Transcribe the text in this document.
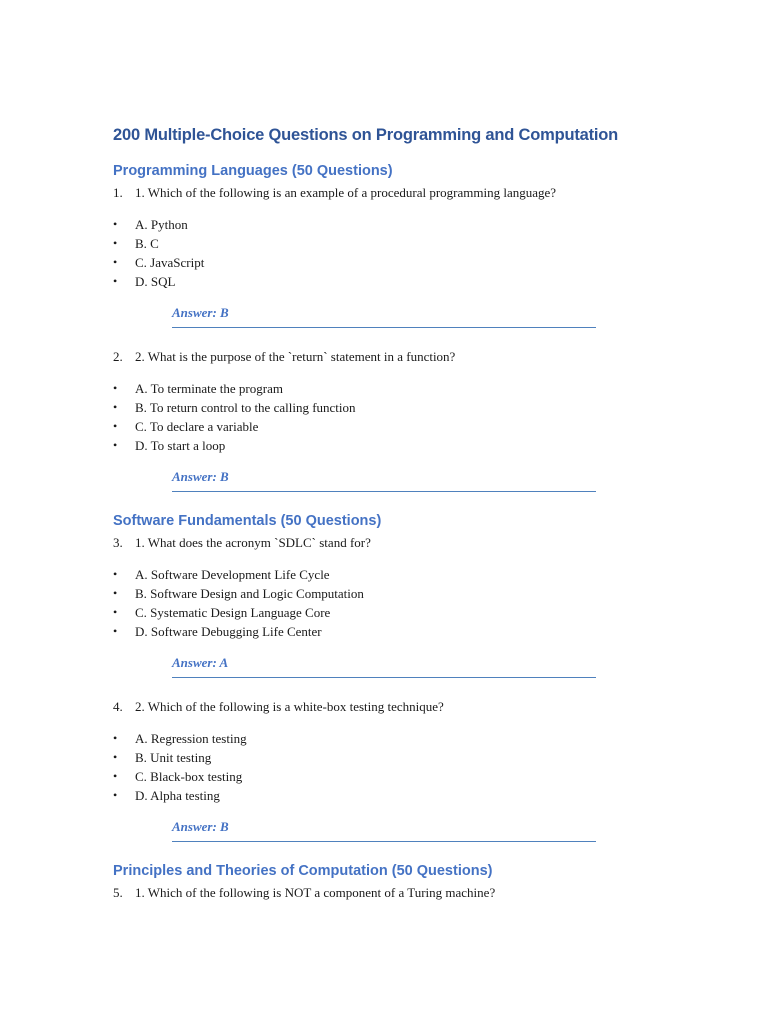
200 Multiple-Choice Questions on Programming and Computation
Programming Languages (50 Questions)

1. 1. Which of the following is an example of a procedural programming language?

• A. Python
• B. C
• C. JavaScript
• D. SQL
Answer: B

2. 2. What is the purpose of the `return` statement in a function?

• A. To terminate the program
• B. To return control to the calling function
• C. To declare a variable
• D. To start a loop
Answer: B
Software Fundamentals (50 Questions)

3. 1. What does the acronym `SDLC` stand for?

• A. Software Development Life Cycle
• B. Software Design and Logic Computation
• C. Systematic Design Language Core
• D. Software Debugging Life Center
Answer: A

4. 2. Which of the following is a white-box testing technique?

• A. Regression testing
• B. Unit testing
• C. Black-box testing
• D. Alpha testing
Answer: B
Principles and Theories of Computation (50 Questions)

5. 1. Which of the following is NOT a component of a Turing machine?
